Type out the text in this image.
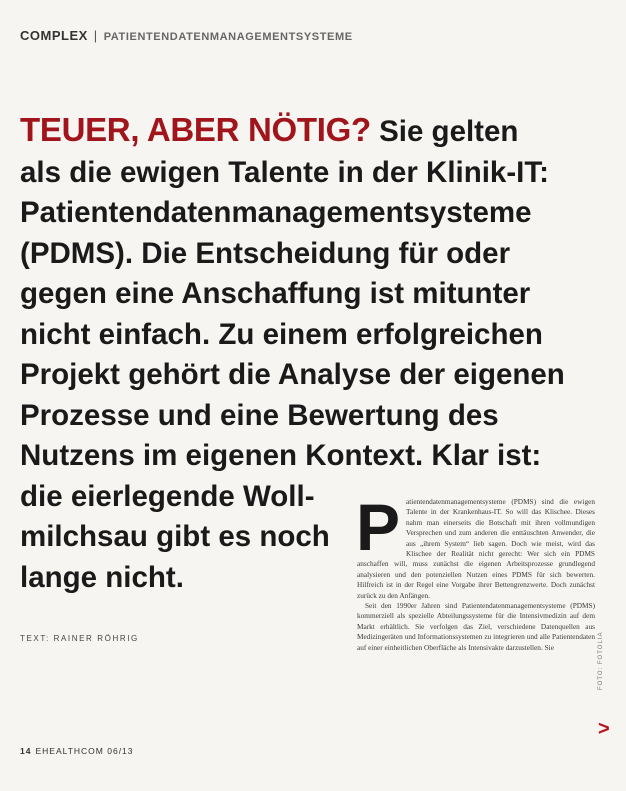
COMPLEX | PATIENTENDATENMANAGEMENTSYSTEME
TEUER, ABER NÖTIG? Sie gelten
als die ewigen Talente in der Klinik-IT:
Patientendatenmanagementsysteme
(PDMS). Die Entscheidung für oder
gegen eine Anschaffung ist mitunter
nicht einfach. Zu einem erfolgreichen
Projekt gehört die Analyse der eigenen
Prozesse und eine Bewertung des
Nutzens im eigenen Kontext. Klar ist:
die eierlegende Woll-
milchsau gibt es noch
lange nicht.
TEXT: RAINER RÖHRIG
P atientendatenmanagementsysteme (PDMS) sind die ewigen Talente in der Krankenhaus-IT. So will das Klischee. Dieses nahm man einerseits die Botschaft mit ihren vollmundigen Versprechen und zum anderen die enttäuschten Anwender, die aus „ihrem System“ lieb sagen. Doch wie meist, wird das Klischee der Realität nicht gerecht: Wer sich ein PDMS anschaffen will, muss zunächst die eigenen Arbeitsprozesse grundlegend analysieren und den potenziellen Nutzen eines PDMS für sich bewerten. Hilfreich ist in der Regel eine Vorgabe ihrer Bettengrenzwerte. Doch zunächst zurück zu den Anfängen.

Seit den 1990er Jahren sind Patientendatenmanagementsysteme (PDMS) kommerziell als spezielle Abteilungssysteme für die Intensivmedizin auf dem Markt erhältlich. Sie verfolgen das Ziel, verschiedene Datenquellen aus Medizingeräten und Informationssystemen zu integrieren und alle Patientendaten auf einer einheitlichen Oberfläche als Intensivakte darzustellen. Sie	FOTO: FOTOLIA
>
14 EHEALTHCOM 06/13
